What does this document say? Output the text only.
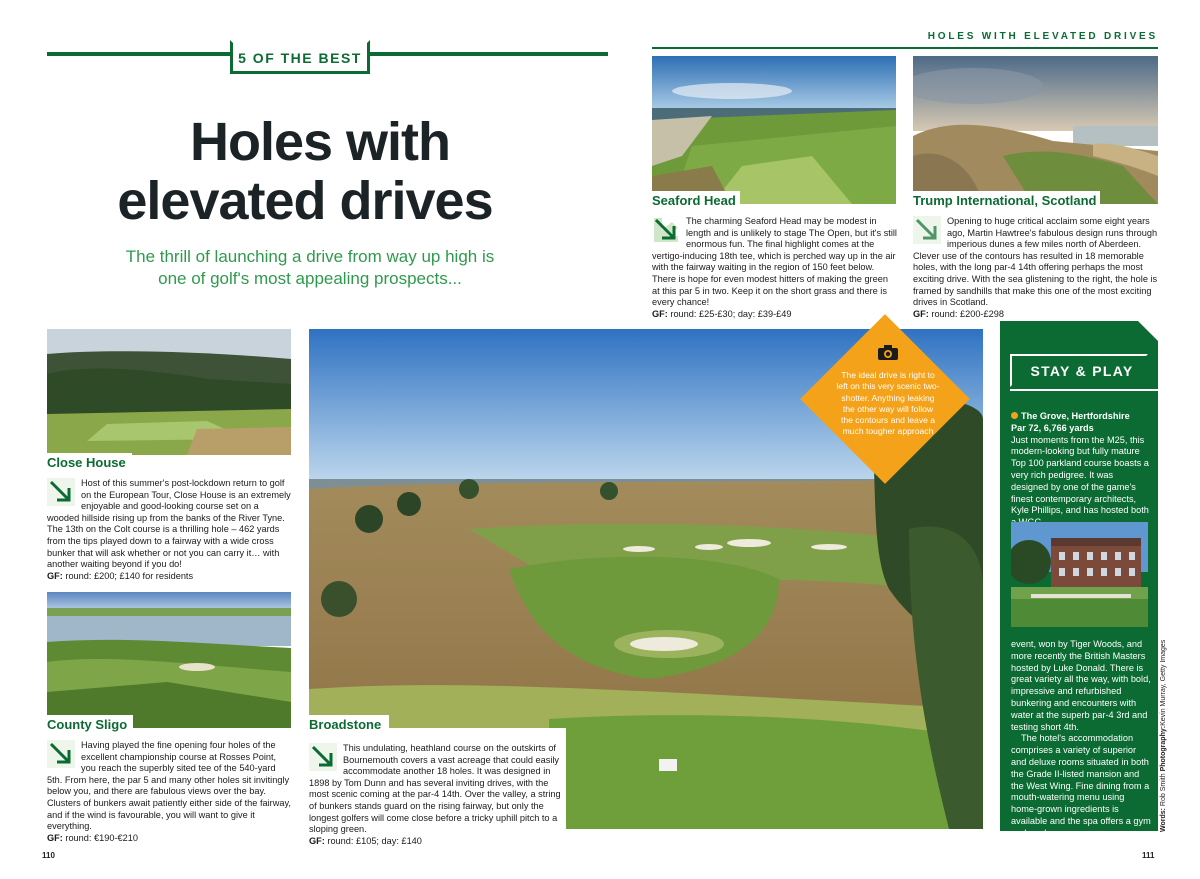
5 OF THE BEST
Holes with
elevated drives
The thrill of launching a drive from way up high is
one of golf's most appealing prospects...
HOLES WITH ELEVATED DRIVES
Seaford Head

The charming Seaford Head may be modest in length and is unlikely to stage The Open, but it's still enormous fun. The final highlight comes at the vertigo-inducing 18th tee, which is perched way up in the air with the fairway waiting in the region of 150 feet below. There is hope for even modest hitters of making the green at this par 5 in two. Keep it on the short grass and there is every chance!

GF: round: £25-£30; day: £39-£49

Trump International, Scotland

Opening to huge critical acclaim some eight years ago, Martin Hawtree's fabulous design runs through imperious dunes a few miles north of Aberdeen. Clever use of the contours has resulted in 18 memorable holes, with the long par-4 14th offering perhaps the most exciting drive. With the sea glistening to the right, the hole is framed by sandhills that make this one of the most exciting drives in Scotland.

GF: round: £200-£298

Close House

Host of this summer's post-lockdown return to golf on the European Tour, Close House is an extremely enjoyable and good-looking course set on a wooded hillside rising up from the banks of the River Tyne. The 13th on the Colt course is a thrilling hole – 462 yards from the tips played down to a fairway with a wide cross bunker that will ask whether or not you can carry it… with another waiting beyond if you do!

GF: round: £200; £140 for residents

County Sligo

Having played the fine opening four holes of the excellent championship course at Rosses Point, you reach the superbly sited tee of the 540-yard 5th. From here, the par 5 and many other holes sit invitingly below you, and there are fabulous views over the bay. Clusters of bunkers await patiently either side of the fairway, and if the wind is favourable, you will want to give it everything.

GF: round: €190-€210

The ideal drive is right to left on this very scenic two-shotter. Anything leaking the other way will follow the contours and leave a much tougher approach
Broadstone

This undulating, heathland course on the outskirts of Bournemouth covers a vast acreage that could easily accommodate another 18 holes. It was designed in 1898 by Tom Dunn and has several inviting drives, with the most scenic coming at the par-4 14th. Over the valley, a string of bunkers stands guard on the rising fairway, but only the longest golfers will come close before a tricky uphill pitch to a sloping green.

GF: round: £105; day: £140

STAY & PLAY
The Grove, Hertfordshire
Par 72, 6,766 yards
Just moments from the M25, this modern-looking but fully mature Top 100 parkland course boasts a very rich pedigree. It was designed by one of the game's finest contemporary architects, Kyle Phillips, and has hosted both
event, won by Tiger Woods, and more recently the British Masters hosted by Luke Donald. There is great variety all the way, with bold, impressive and refurbished bunkering and encounters with water at the superb par-4 3rd and testing short 4th.
The hotel's accommodation comprises a variety of superior and deluxe rooms situated in both the Grade II-listed mansion and the West Wing. Fine dining from a mouth-watering menu using home-grown ingredients is available and the spa offers a gym and pool.
Words: Rob Smith Photography:Kevin Murray, Getty Images
110	111
